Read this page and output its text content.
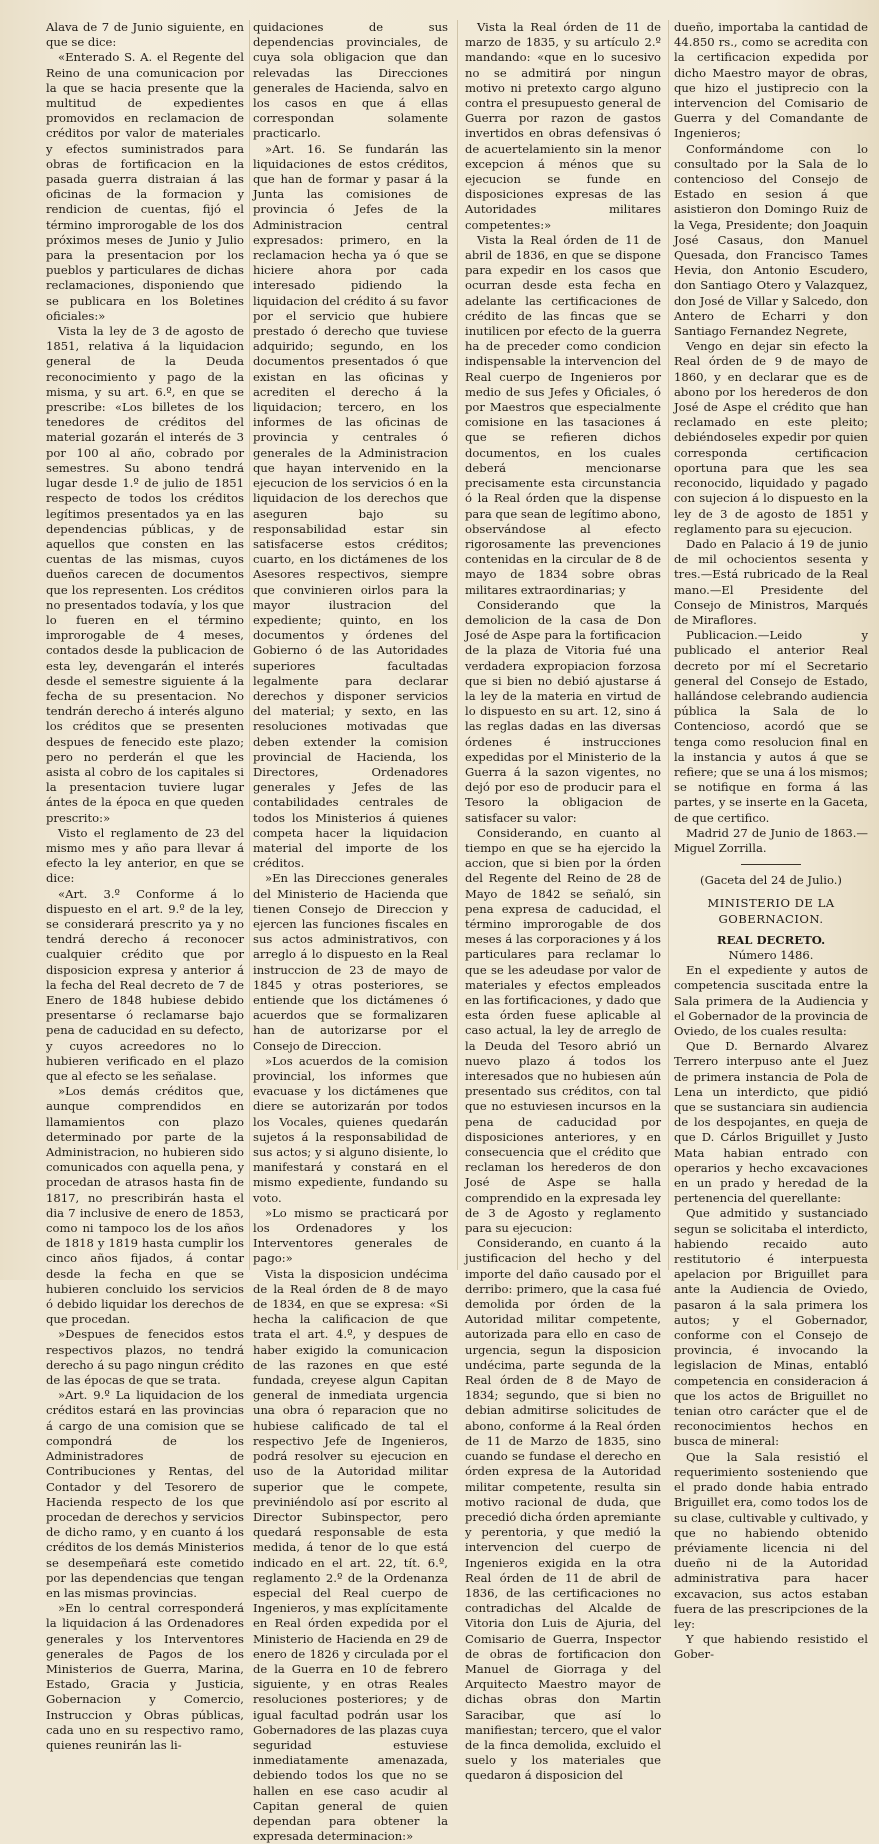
Alava de 7 de Junio siguiente, en que se dice:

«Enterado S. A. el Regente del Reino de una comunicacion por la que se hacia presente que la multitud de expedientes promovidos en reclamacion de créditos por valor de materiales y efectos suministrados para obras de fortificacion en la pasada guerra distraian á las oficinas de la formacion y rendicion de cuentas, fijó el término improrogable de los dos próximos meses de Junio y Julio para la presentacion por los pueblos y particulares de dichas reclamaciones, disponiendo que se publicara en los Boletines oficiales:»

Vista la ley de 3 de agosto de 1851, relativa á la liquidacion general de la Deuda reconocimiento y pago de la misma, y su art. 6.º, en que se prescribe: «Los billetes de los tenedores de créditos del material gozarán el interés de 3 por 100 al año, cobrado por semestres. Su abono tendrá lugar desde 1.º de julio de 1851 respecto de todos los créditos legítimos presentados ya en las dependencias públicas, y de aquellos que consten en las cuentas de las mismas, cuyos dueños carecen de documentos que los representen. Los créditos no presentados todavía, y los que lo fueren en el término improrogable de 4 meses, contados desde la publicacion de esta ley, devengarán el interés desde el semestre siguiente á la fecha de su presentacion. No tendrán derecho á interés alguno los créditos que se presenten despues de fenecido este plazo; pero no perderán el que les asista al cobro de los capitales si la presentacion tuviere lugar ántes de la época en que queden prescrito:»

Visto el reglamento de 23 del mismo mes y año para llevar á efecto la ley anterior, en que se dice:

«Art. 3.º Conforme á lo dispuesto en el art. 9.º de la ley, se considerará prescrito ya y no tendrá derecho á reconocer cualquier crédito que por disposicion expresa y anterior á la fecha del Real decreto de 7 de Enero de 1848 hubiese debido presentarse ó reclamarse bajo pena de caducidad en su defecto, y cuyos acreedores no lo hubieren verificado en el plazo que al efecto se les señalase.

»Los demás créditos que, aunque comprendidos en llamamientos con plazo determinado por parte de la Administracion, no hubieren sido comunicados con aquella pena, y procedan de atrasos hasta fin de 1817, no prescribirán hasta el dia 7 inclusive de enero de 1853, como ni tampoco los de los años de 1818 y 1819 hasta cumplir los cinco años fijados, á contar desde la fecha en que se hubieren concluido los servicios ó debido liquidar los derechos de que procedan.

»Despues de fenecidos estos respectivos plazos, no tendrá derecho á su pago ningun crédito de las épocas de que se trata.

»Art. 9.º La liquidacion de los créditos estará en las provincias á cargo de una comision que se compondrá de los Administradores de Contribuciones y Rentas, del Contador y del Tesorero de Hacienda respecto de los que procedan de derechos y servicios de dicho ramo, y en cuanto á los créditos de los demás Ministerios se desempeñará este cometido por las dependencias que tengan en las mismas provincias.

»En lo central corresponderá la liquidacion á las Ordenadores generales y los Interventores generales de Pagos de los Ministerios de Guerra, Marina, Estado, Gracia y Justicia, Gobernacion y Comercio, Instruccion y Obras públicas, cada uno en su respectivo ramo, quienes reunirán las li-

quidaciones de sus dependencias provinciales, de cuya sola obligacion que dan relevadas las Direcciones generales de Hacienda, salvo en los casos en que á ellas correspondan solamente practicarlo.

»Art. 16. Se fundarán las liquidaciones de estos créditos, que han de formar y pasar á la Junta las comisiones de provincia ó Jefes de la Administracion central expresados: primero, en la reclamacion hecha ya ó que se hiciere ahora por cada interesado pidiendo la liquidacion del crédito á su favor por el servicio que hubiere prestado ó derecho que tuviese adquirido; segundo, en los documentos presentados ó que existan en las oficinas y acrediten el derecho á la liquidacion; tercero, en los informes de las oficinas de provincia y centrales ó generales de la Administracion que hayan intervenido en la ejecucion de los servicios ó en la liquidacion de los derechos que aseguren bajo su responsabilidad estar sin satisfacerse estos créditos; cuarto, en los dictámenes de los Asesores respectivos, siempre que convinieren oirlos para la mayor ilustracion del expediente; quinto, en los documentos y órdenes del Gobierno ó de las Autoridades superiores facultadas legalmente para declarar derechos y disponer servicios del material; y sexto, en las resoluciones motivadas que deben extender la comision provincial de Hacienda, los Directores, Ordenadores generales y Jefes de las contabilidades centrales de todos los Ministerios á quienes competa hacer la liquidacion material del importe de los créditos.

»En las Direcciones generales del Ministerio de Hacienda que tienen Consejo de Direccion y ejercen las funciones fiscales en sus actos administrativos, con arreglo á lo dispuesto en la Real instruccion de 23 de mayo de 1845 y otras posteriores, se entiende que los dictámenes ó acuerdos que se formalizaren han de autorizarse por el Consejo de Direccion.

»Los acuerdos de la comision provincial, los informes que evacuase y los dictámenes que diere se autorizarán por todos los Vocales, quienes quedarán sujetos á la responsabilidad de sus actos; y si alguno disiente, lo manifestará y constará en el mismo expediente, fundando su voto.

»Lo mismo se practicará por los Ordenadores y los Interventores generales de pago:»

Vista la disposicion undécima de la Real órden de 8 de mayo de 1834, en que se expresa: «Si hecha la calificacion de que trata el art. 4.º, y despues de haber exigido la comunicacion de las razones en que esté fundada, creyese algun Capitan general de inmediata urgencia una obra ó reparacion que no hubiese calificado de tal el respectivo Jefe de Ingenieros, podrá resolver su ejecucion en uso de la Autoridad militar superior que le compete, previniéndolo así por escrito al Director Subinspector, pero quedará responsable de esta medida, á tenor de lo que está indicado en el art. 22, tít. 6.º, reglamento 2.º de la Ordenanza especial del Real cuerpo de Ingenieros, y mas explícitamente en Real órden expedida por el Ministerio de Hacienda en 29 de enero de 1826 y circulada por el de la Guerra en 10 de febrero siguiente, y en otras Reales resoluciones posteriores; y de igual facultad podrán usar los Gobernadores de las plazas cuya seguridad estuviese inmediatamente amenazada, debiendo todos los que no se hallen en ese caso acudir al Capitan general de quien dependan para obtener la expresada determinacion:»

Vista la Real órden de 11 de marzo de 1835, y su artículo 2.º mandando: «que en lo sucesivo no se admitirá por ningun motivo ni pretexto cargo alguno contra el presupuesto general de Guerra por razon de gastos invertidos en obras defensivas ó de acuertelamiento sin la menor excepcion á ménos que su ejecucion se funde en disposiciones expresas de las Autoridades militares competentes:»

Vista la Real órden de 11 de abril de 1836, en que se dispone para expedir en los casos que ocurran desde esta fecha en adelante las certificaciones de crédito de las fincas que se inutilicen por efecto de la guerra ha de preceder como condicion indispensable la intervencion del Real cuerpo de Ingenieros por medio de sus Jefes y Oficiales, ó por Maestros que especialmente comisione en las tasaciones á que se refieren dichos documentos, en los cuales deberá mencionarse precisamente esta circunstancia ó la Real órden que la dispense para que sean de legítimo abono, observándose al efecto rigorosamente las prevenciones contenidas en la circular de 8 de mayo de 1834 sobre obras militares extraordinarias; y

Considerando que la demolicion de la casa de Don José de Aspe para la fortificacion de la plaza de Vitoria fué una verdadera expropiacion forzosa que si bien no debió ajustarse á la ley de la materia en virtud de lo dispuesto en su art. 12, sino á las reglas dadas en las diversas órdenes é instrucciones expedidas por el Ministerio de la Guerra á la sazon vigentes, no dejó por eso de producir para el Tesoro la obligacion de satisfacer su valor:

Considerando, en cuanto al tiempo en que se ha ejercido la accion, que si bien por la órden del Regente del Reino de 28 de Mayo de 1842 se señaló, sin pena expresa de caducidad, el término improrogable de dos meses á las corporaciones y á los particulares para reclamar lo que se les adeudase por valor de materiales y efectos empleados en las fortificaciones, y dado que esta órden fuese aplicable al caso actual, la ley de arreglo de la Deuda del Tesoro abrió un nuevo plazo á todos los interesados que no hubiesen aún presentado sus créditos, con tal que no estuviesen incursos en la pena de caducidad por disposiciones anteriores, y en consecuencia que el crédito que reclaman los herederos de don José de Aspe se halla comprendido en la expresada ley de 3 de Agosto y reglamento para su ejecucion:

Considerando, en cuanto á la justificacion del hecho y del importe del daño causado por el derribo: primero, que la casa fué demolida por órden de la Autoridad militar competente, autorizada para ello en caso de urgencia, segun la disposicion undécima, parte segunda de la Real órden de 8 de Mayo de 1834; segundo, que si bien no debian admitirse solicitudes de abono, conforme á la Real órden de 11 de Marzo de 1835, sino cuando se fundase el derecho en órden expresa de la Autoridad militar competente, resulta sin motivo racional de duda, que precedió dicha órden apremiante y perentoria, y que medió la intervencion del cuerpo de Ingenieros exigida en la otra Real órden de 11 de abril de 1836, de las certificaciones no contradichas del Alcalde de Vitoria don Luis de Ajuria, del Comisario de Guerra, Inspector de obras de fortificacion don Manuel de Giorraga y del Arquitecto Maestro mayor de dichas obras don Martin Saracibar, que así lo manifiestan; tercero, que el valor de la finca demolida, excluido el suelo y los materiales que quedaron á disposicion del

dueño, importaba la cantidad de 44.850 rs., como se acredita con la certificacion expedida por dicho Maestro mayor de obras, que hizo el justiprecio con la intervencion del Comisario de Guerra y del Comandante de Ingenieros;

Conformándome con lo consultado por la Sala de lo contencioso del Consejo de Estado en sesion á que asistieron don Domingo Ruiz de la Vega, Presidente; don Joaquin José Casaus, don Manuel Quesada, don Francisco Tames Hevia, don Antonio Escudero, don Santiago Otero y Valazquez, don José de Villar y Salcedo, don Antero de Echarri y don Santiago Fernandez Negrete,

Vengo en dejar sin efecto la Real órden de 9 de mayo de 1860, y en declarar que es de abono por los herederos de don José de Aspe el crédito que han reclamado en este pleito; debiéndoseles expedir por quien corresponda certificacion oportuna para que les sea reconocido, liquidado y pagado con sujecion á lo dispuesto en la ley de 3 de agosto de 1851 y reglamento para su ejecucion.

Dado en Palacio á 19 de junio de mil ochocientos sesenta y tres.—Está rubricado de la Real mano.—El Presidente del Consejo de Ministros, Marqués de Miraflores.

Publicacion.—Leido y publicado el anterior Real decreto por mí el Secretario general del Consejo de Estado, hallándose celebrando audiencia pública la Sala de lo Contencioso, acordó que se tenga como resolucion final en la instancia y autos á que se refiere; que se una á los mismos; se notifique en forma á las partes, y se inserte en la Gaceta, de que certifico.

Madrid 27 de Junio de 1863.—Miguel Zorrilla.

(Gaceta del 24 de Julio.)

MINISTERIO DE LA GOBERNACION.

REAL DECRETO.

Número 1486.

En el expediente y autos de competencia suscitada entre la Sala primera de la Audiencia y el Gobernador de la provincia de Oviedo, de los cuales resulta:

Que D. Bernardo Alvarez Terrero interpuso ante el Juez de primera instancia de Pola de Lena un interdicto, que pidió que se sustanciara sin audiencia de los despojantes, en queja de que D. Cárlos Briguillet y Justo Mata habian entrado con operarios y hecho excavaciones en un prado y heredad de la pertenencia del querellante:

Que admitido y sustanciado segun se solicitaba el interdicto, habiendo recaido auto restitutorio é interpuesta apelacion por Briguillet para ante la Audiencia de Oviedo, pasaron á la sala primera los autos; y el Gobernador, conforme con el Consejo de provincia, é invocando la legislacion de Minas, entabló competencia en consideracion á que los actos de Briguillet no tenian otro carácter que el de reconocimientos hechos en busca de mineral:

Que la Sala resistió el requerimiento sosteniendo que el prado donde habia entrado Briguillet era, como todos los de su clase, cultivable y cultivado, y que no habiendo obtenido préviamente licencia ni del dueño ni de la Autoridad administrativa para hacer excavacion, sus actos estaban fuera de las prescripciones de la ley:

Y que habiendo resistido el Gober-
